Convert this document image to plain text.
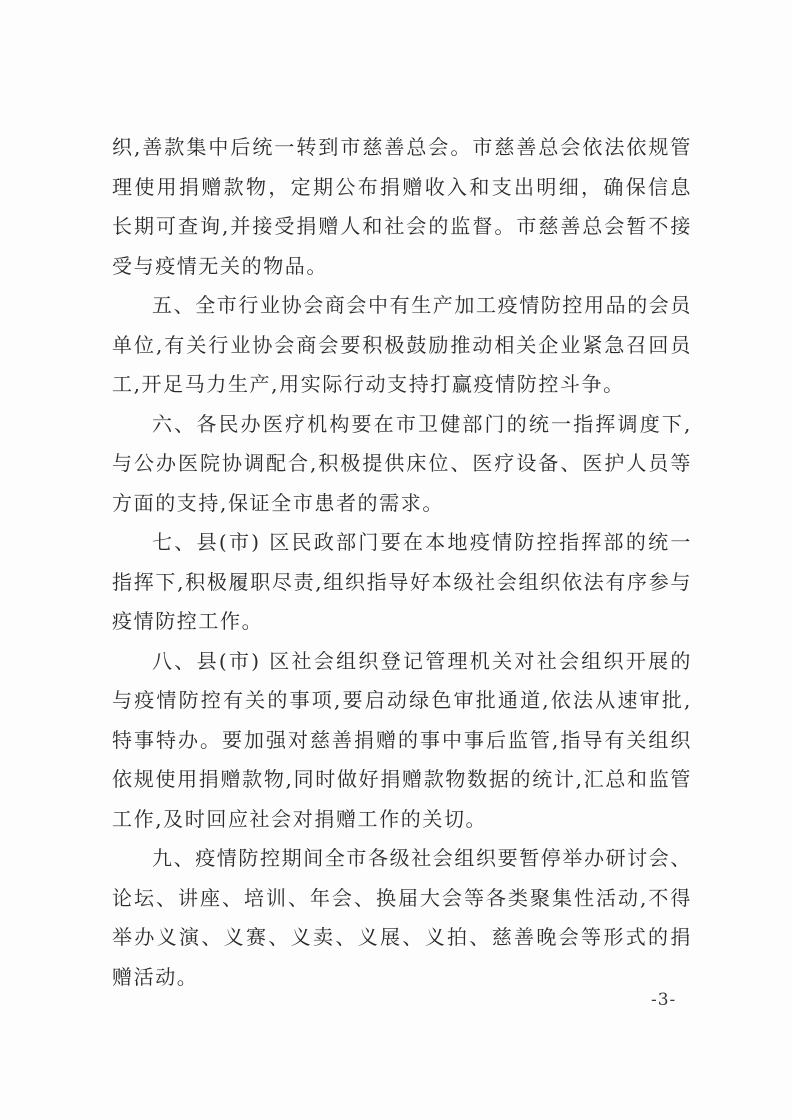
织,善款集中后统一转到市慈善总会。市慈善总会依法依规管理使用捐赠款物，定期公布捐赠收入和支出明细，确保信息长期可查询,并接受捐赠人和社会的监督。市慈善总会暂不接受与疫情无关的物品。

五、全市行业协会商会中有生产加工疫情防控用品的会员单位,有关行业协会商会要积极鼓励推动相关企业紧急召回员工,开足马力生产,用实际行动支持打赢疫情防控斗争。

六、各民办医疗机构要在市卫健部门的统一指挥调度下,与公办医院协调配合,积极提供床位、医疗设备、医护人员等方面的支持,保证全市患者的需求。

七、县(市) 区民政部门要在本地疫情防控指挥部的统一指挥下,积极履职尽责,组织指导好本级社会组织依法有序参与疫情防控工作。

八、县(市) 区社会组织登记管理机关对社会组织开展的与疫情防控有关的事项,要启动绿色审批通道,依法从速审批,特事特办。要加强对慈善捐赠的事中事后监管,指导有关组织依规使用捐赠款物,同时做好捐赠款物数据的统计,汇总和监管工作,及时回应社会对捐赠工作的关切。

九、疫情防控期间全市各级社会组织要暂停举办研讨会、论坛、讲座、培训、年会、换届大会等各类聚集性活动,不得举办义演、义赛、义卖、义展、义拍、慈善晚会等形式的捐赠活动。

-3-
